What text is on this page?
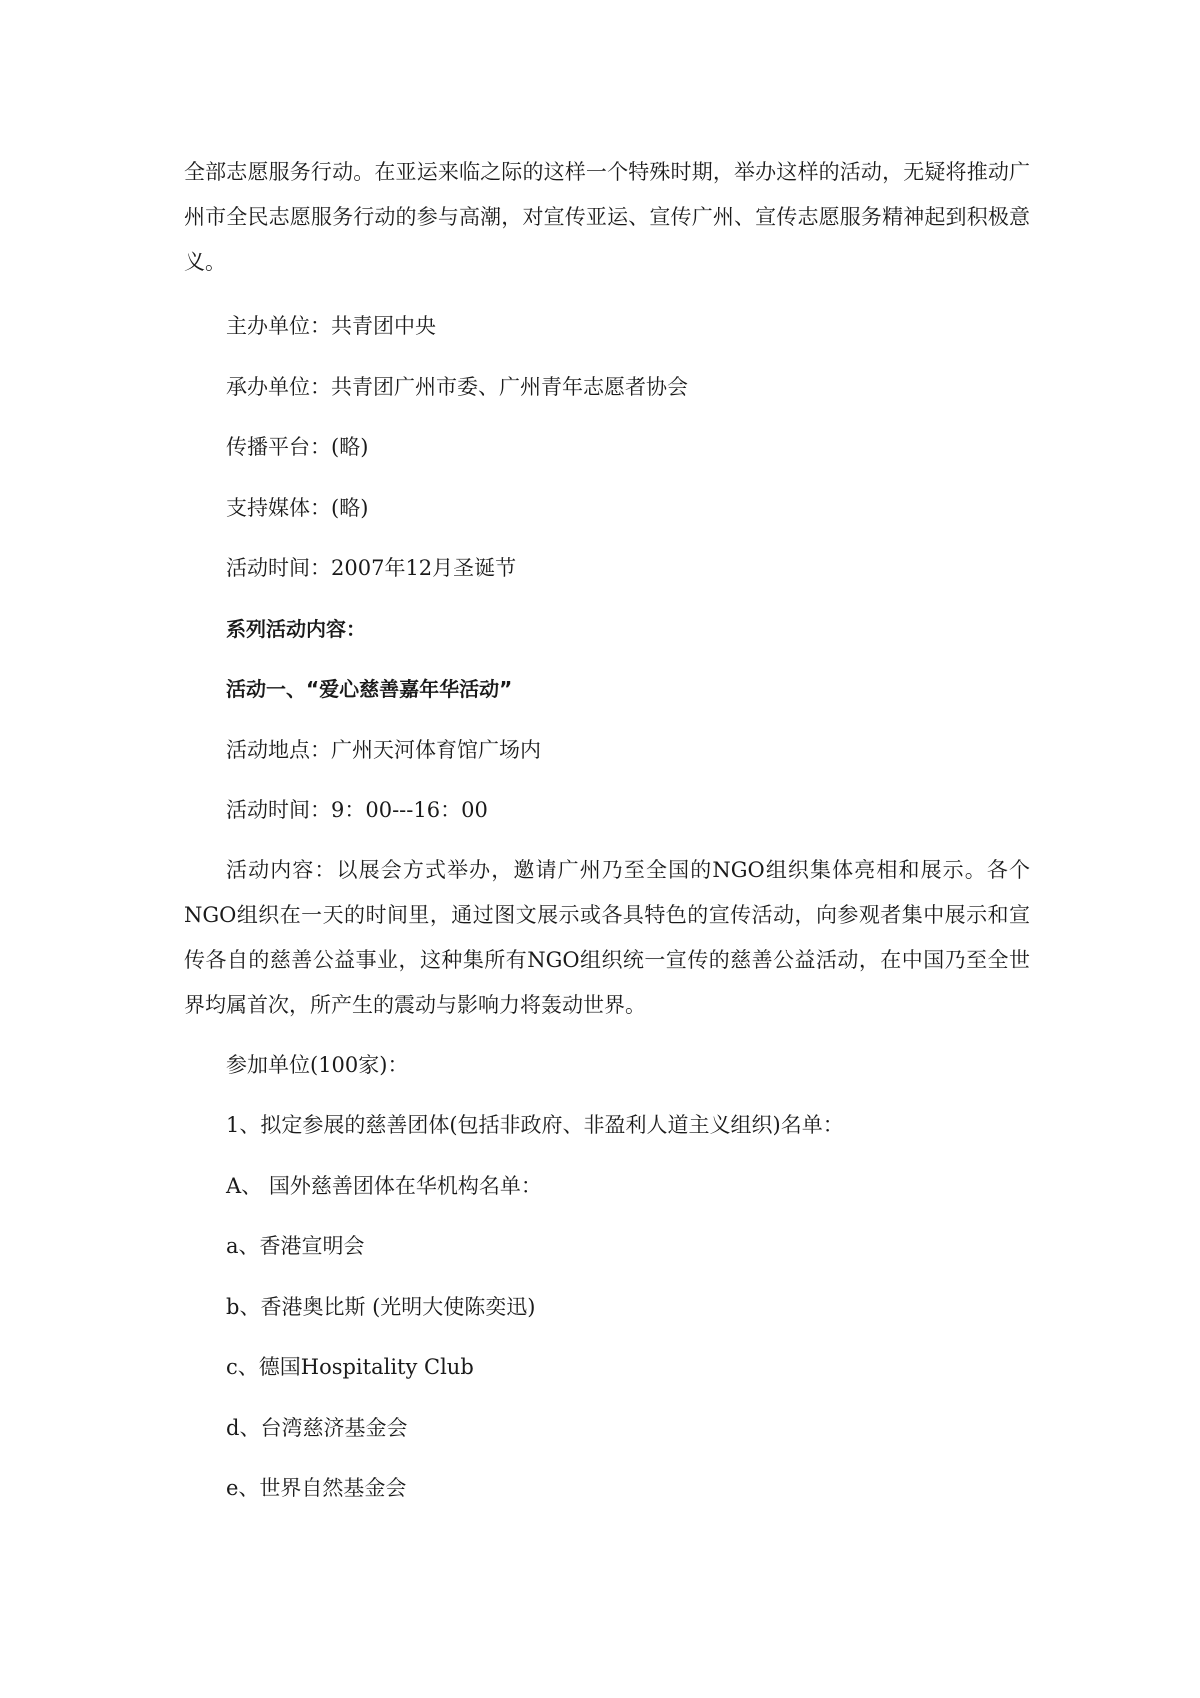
全部志愿服务行动。在亚运来临之际的这样一个特殊时期，举办这样的活动，无疑将推动广州市全民志愿服务行动的参与高潮，对宣传亚运、宣传广州、宣传志愿服务精神起到积极意义。

主办单位：共青团中央
承办单位：共青团广州市委、广州青年志愿者协会
传播平台：(略)
支持媒体：(略)
活动时间：2007年12月圣诞节
系列活动内容：
活动一、“爱心慈善嘉年华活动”
活动地点：广州天河体育馆广场内
活动时间：9：00---16：00

活动内容：以展会方式举办，邀请广州乃至全国的NGO组织集体亮相和展示。各个NGO组织在一天的时间里，通过图文展示或各具特色的宣传活动，向参观者集中展示和宣传各自的慈善公益事业，这种集所有NGO组织统一宣传的慈善公益活动，在中国乃至全世界均属首次，所产生的震动与影响力将轰动世界。

参加单位(100家)：
1、拟定参展的慈善团体(包括非政府、非盈利人道主义组织)名单：
A、 国外慈善团体在华机构名单：
a、香港宣明会
b、香港奥比斯 (光明大使陈奕迅)
c、德国Hospitality Club
d、台湾慈济基金会
e、世界自然基金会
